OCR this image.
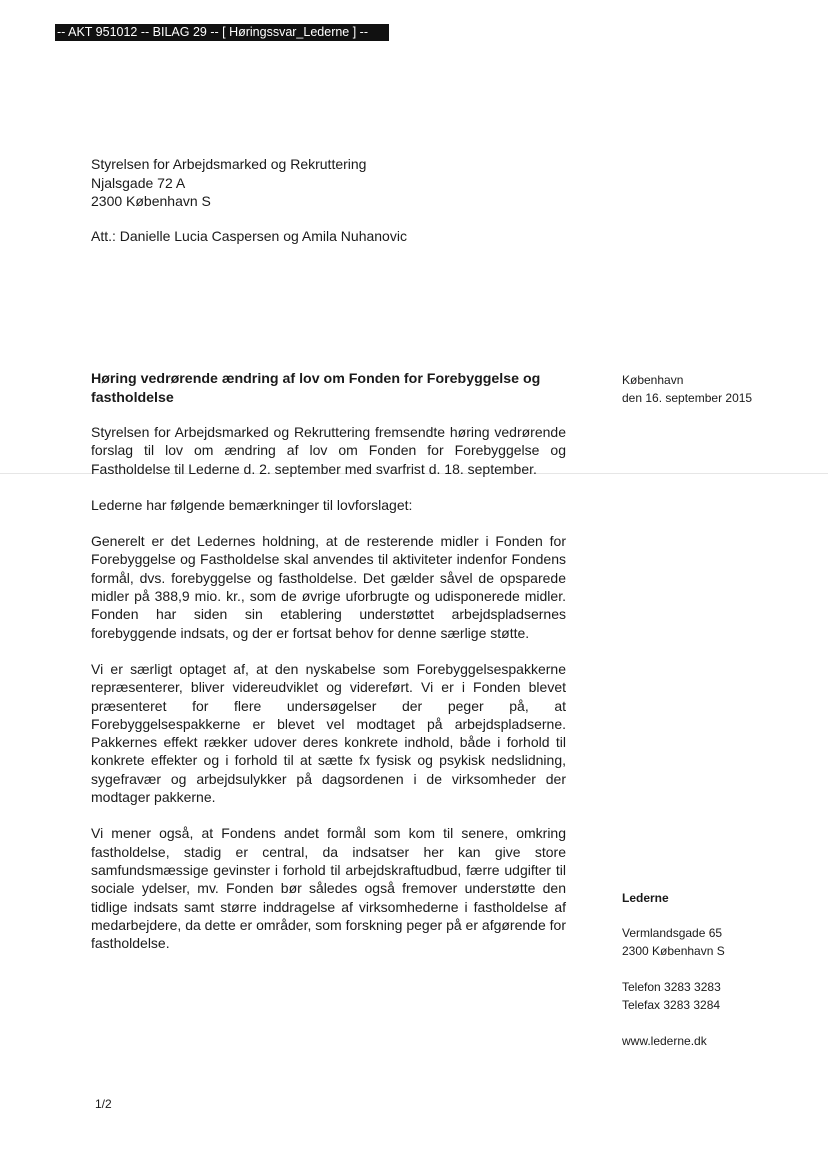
-- AKT 951012 -- BILAG 29 -- [ Høringssvar_Lederne ] --
Styrelsen for Arbejdsmarked og Rekruttering
Njalsgade 72 A
2300 København S
Att.: Danielle Lucia Caspersen og Amila Nuhanovic
Høring vedrørende ændring af lov om Fonden for Forebyggelse og fastholdelse
København
den 16. september 2015

Styrelsen for Arbejdsmarked og Rekruttering fremsendte høring vedrørende forslag til lov om ændring af lov om Fonden for Forebyggelse og Fastholdelse til Lederne d. 2. september med svarfrist d. 18. september.

Lederne har følgende bemærkninger til lovforslaget:

Generelt er det Ledernes holdning, at de resterende midler i Fonden for Forebyggelse og Fastholdelse skal anvendes til aktiviteter indenfor Fondens formål, dvs. forebyggelse og fastholdelse. Det gælder såvel de opsparede midler på 388,9 mio. kr., som de øvrige uforbrugte og udisponerede midler. Fonden har siden sin etablering understøttet arbejdspladsernes forebyggende indsats, og der er fortsat behov for denne særlige støtte.

Vi er særligt optaget af, at den nyskabelse som Forebyggelsespakkerne repræsenterer, bliver videreudviklet og videreført. Vi er i Fonden blevet præsenteret for flere undersøgelser der peger på, at Forebyggelsespakkerne er blevet vel modtaget på arbejdspladserne. Pakkernes effekt rækker udover deres konkrete indhold, både i forhold til konkrete effekter og i forhold til at sætte fx fysisk og psykisk nedslidning, sygefravær og arbejdsulykker på dagsordenen i de virksomheder der modtager pakkerne.

Vi mener også, at Fondens andet formål som kom til senere, omkring fastholdelse, stadig er central, da indsatser her kan give store samfundsmæssige gevinster i forhold til arbejdskraftudbud, færre udgifter til sociale ydelser, mv. Fonden bør således også fremover understøtte den tidlige indsats samt større inddragelse af virksomhederne i fastholdelse af medarbejdere, da dette er områder, som forskning peger på er afgørende for fastholdelse.

Lederne
Vermlandsgade 65
2300 København S
Telefon 3283 3283
Telefax 3283 3284
www.lederne.dk
1/2
